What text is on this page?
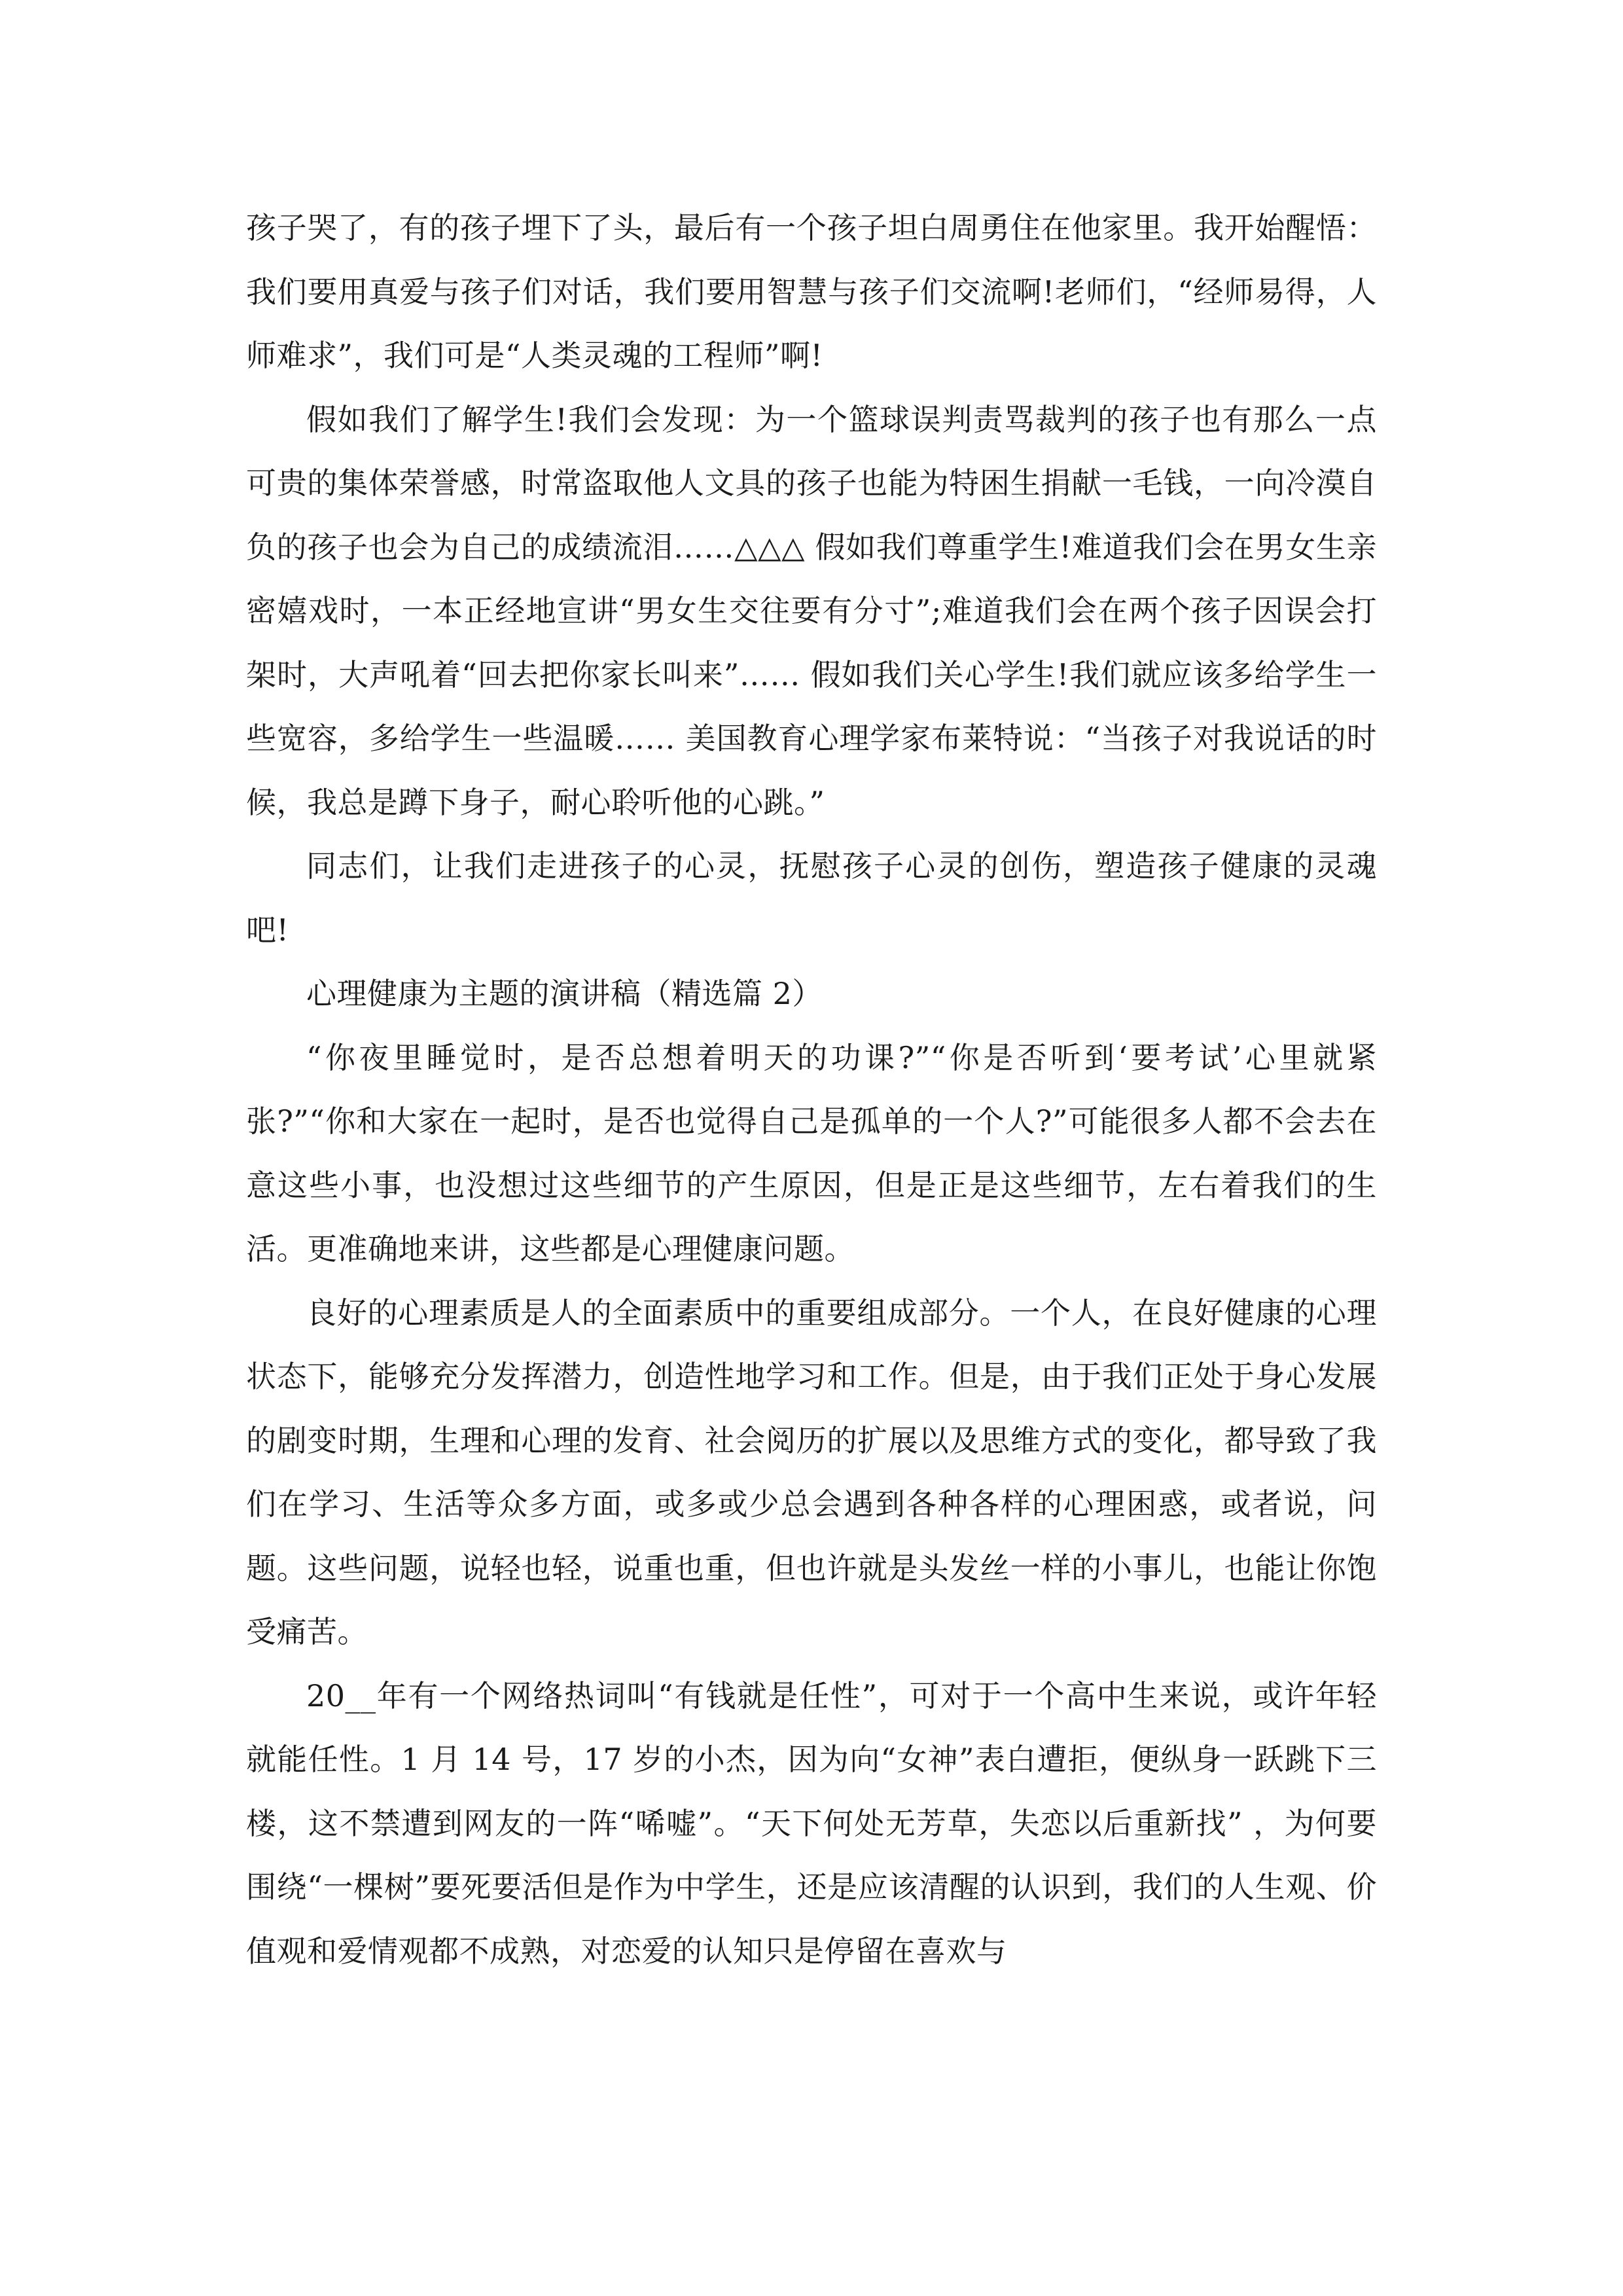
孩子哭了，有的孩子埋下了头，最后有一个孩子坦白周勇住在他家里。我开始醒悟：我们要用真爱与孩子们对话，我们要用智慧与孩子们交流啊!老师们，“经师易得，人师难求”，我们可是“人类灵魂的工程师”啊!

假如我们了解学生!我们会发现：为一个篮球误判责骂裁判的孩子也有那么一点可贵的集体荣誉感，时常盗取他人文具的孩子也能为特困生捐献一毛钱，一向冷漠自负的孩子也会为自己的成绩流泪……△△△ 假如我们尊重学生!难道我们会在男女生亲密嬉戏时，一本正经地宣讲“男女生交往要有分寸”;难道我们会在两个孩子因误会打架时，大声吼着“回去把你家长叫来”…… 假如我们关心学生!我们就应该多给学生一些宽容，多给学生一些温暖…… 美国教育心理学家布莱特说：“当孩子对我说话的时候，我总是蹲下身子，耐心聆听他的心跳。”

同志们，让我们走进孩子的心灵，抚慰孩子心灵的创伤，塑造孩子健康的灵魂吧!

心理健康为主题的演讲稿（精选篇 2）

“你夜里睡觉时，是否总想着明天的功课?”“你是否听到‘要考试’心里就紧张?”“你和大家在一起时，是否也觉得自己是孤单的一个人?”可能很多人都不会去在意这些小事，也没想过这些细节的产生原因，但是正是这些细节，左右着我们的生活。更准确地来讲，这些都是心理健康问题。

良好的心理素质是人的全面素质中的重要组成部分。一个人，在良好健康的心理状态下，能够充分发挥潜力，创造性地学习和工作。但是，由于我们正处于身心发展的剧变时期，生理和心理的发育、社会阅历的扩展以及思维方式的变化，都导致了我们在学习、生活等众多方面，或多或少总会遇到各种各样的心理困惑，或者说，问题。这些问题，说轻也轻，说重也重，但也许就是头发丝一样的小事儿，也能让你饱受痛苦。

20__年有一个网络热词叫“有钱就是任性”，可对于一个高中生来说，或许年轻就能任性。1 月 14 号，17 岁的小杰，因为向“女神”表白遭拒，便纵身一跃跳下三楼，这不禁遭到网友的一阵“唏嘘”。“天下何处无芳草，失恋以后重新找” ，为何要围绕“一棵树”要死要活但是作为中学生，还是应该清醒的认识到，我们的人生观、价值观和爱情观都不成熟，对恋爱的认知只是停留在喜欢与
